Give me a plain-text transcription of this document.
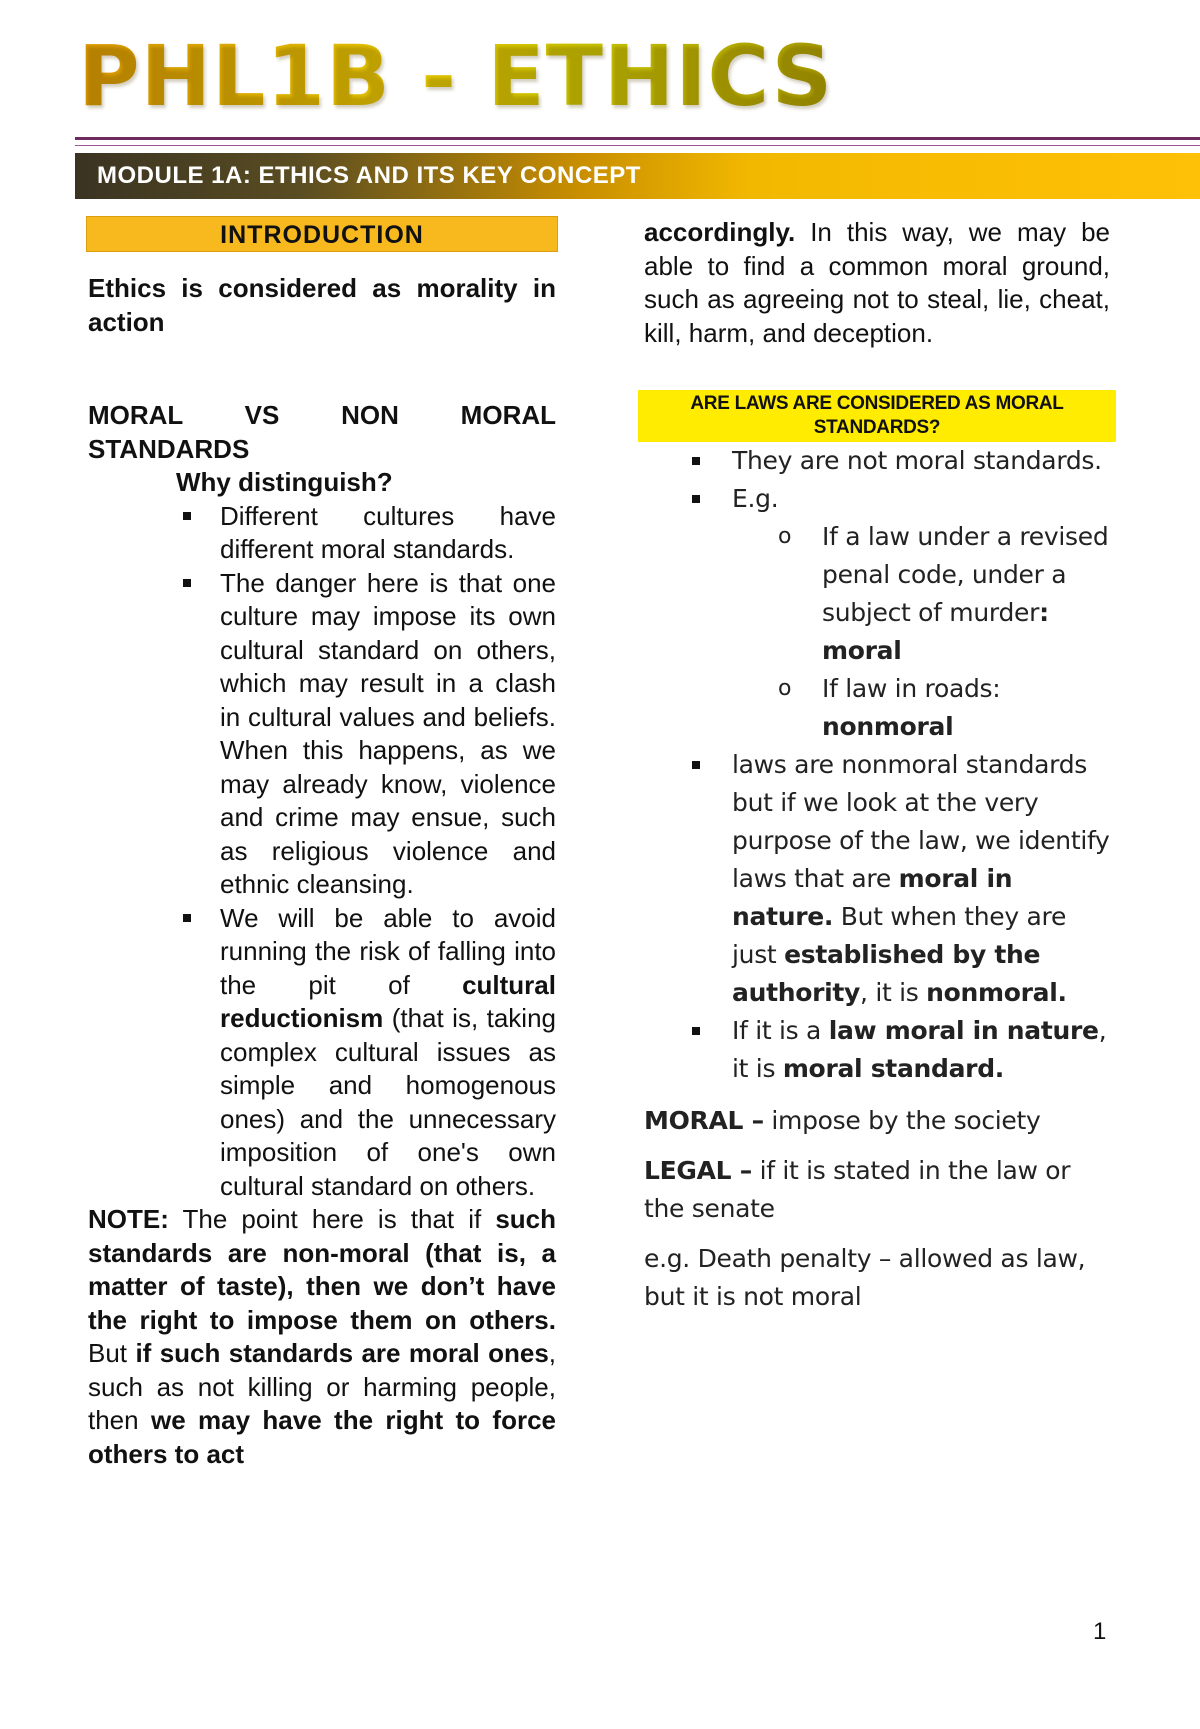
PHL1B - ETHICS
MODULE 1A: ETHICS AND ITS KEY CONCEPT
INTRODUCTION

Ethics is considered as morality in action

MORAL VS NON MORAL STANDARDS

Why distinguish?

Different cultures have different moral standards.
The danger here is that one culture may impose its own cultural standard on others, which may result in a clash in cultural values and beliefs. When this happens, as we may already know, violence and crime may ensue, such as religious violence and ethnic cleansing.
We will be able to avoid running the risk of falling into the pit of cultural reductionism (that is, taking complex cultural issues as simple and homogenous ones) and the unnecessary imposition of one's own cultural standard on others.

NOTE: The point here is that if such standards are non-moral (that is, a matter of taste), then we don’t have the right to impose them on others. But if such standards are moral ones, such as not killing or harming people, then we may have the right to force others to act

accordingly. In this way, we may be able to find a common moral ground, such as agreeing not to steal, lie, cheat, kill, harm, and deception.

ARE LAWS ARE CONSIDERED AS MORAL STANDARDS?
They are not moral standards.
E.g.
o If a law under a revised penal code, under a subject of murder: moral
o If law in roads: nonmoral
laws are nonmoral standards but if we look at the very purpose of the law, we identify laws that are moral in nature. But when they are just established by the authority, it is nonmoral.
If it is a law moral in nature, it is moral standard.

MORAL – impose by the society

LEGAL – if it is stated in the law or the senate

e.g. Death penalty – allowed as law, but it is not moral

1
